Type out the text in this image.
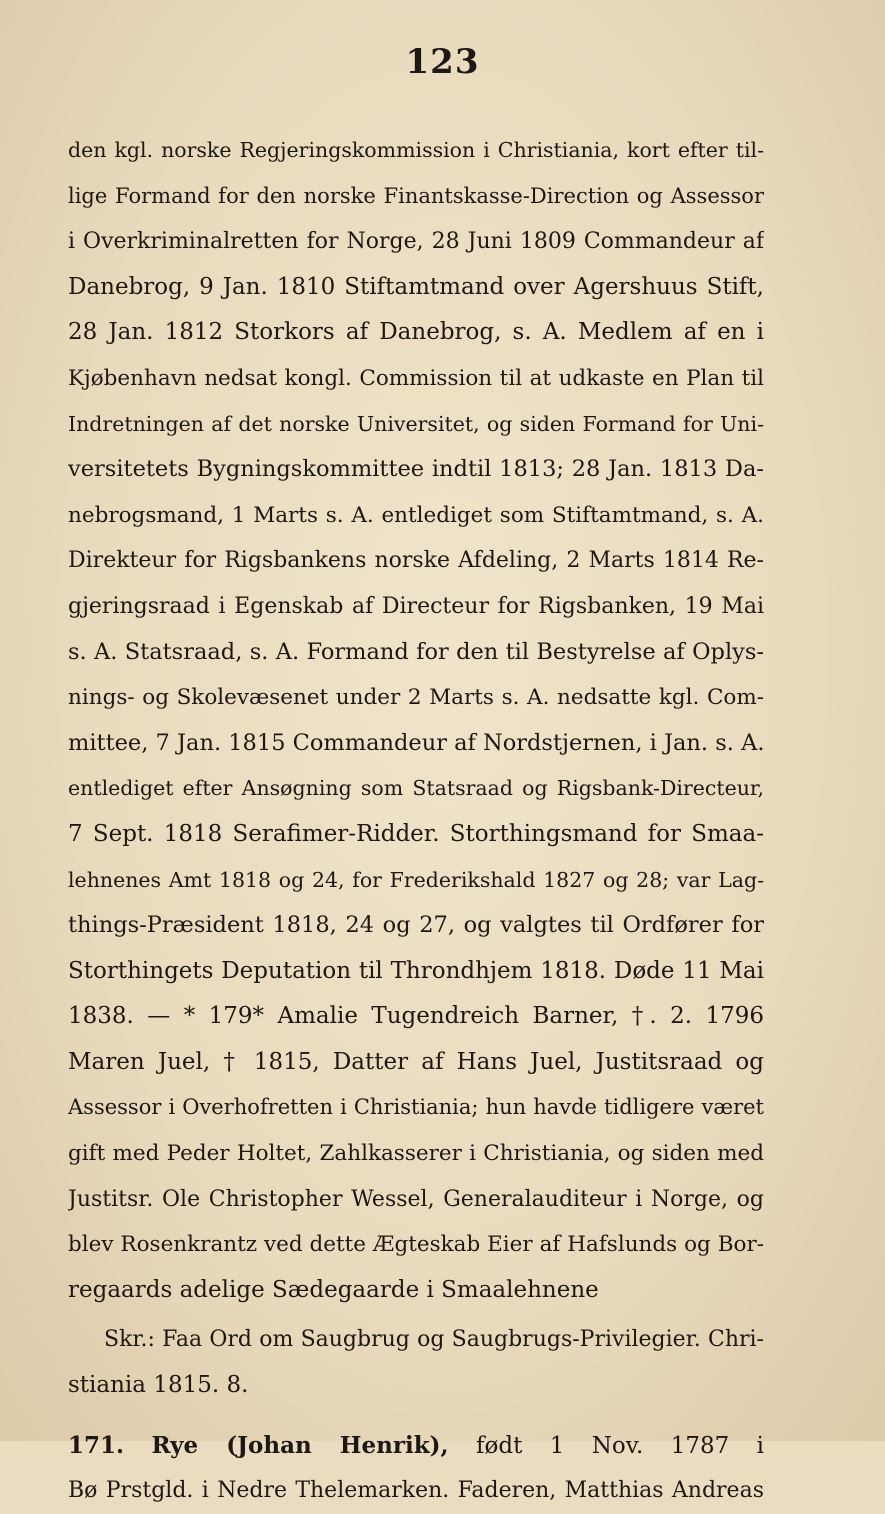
123
den kgl. norske Regjeringskommission i Christiania, kort efter til-
lige Formand for den norske Finantskasse-Direction og Assessor
i Overkriminalretten for Norge, 28 Juni 1809 Commandeur af
Danebrog, 9 Jan. 1810 Stiftamtmand over Agershuus Stift,
28 Jan. 1812 Storkors af Danebrog, s. A. Medlem af en i
Kjøbenhavn nedsat kongl. Commission til at udkaste en Plan til
Indretningen af det norske Universitet, og siden Formand for Uni-
versitetets Bygningskommittee indtil 1813; 28 Jan. 1813 Da-
nebrogsmand, 1 Marts s. A. entlediget som Stiftamtmand, s. A.
Direkteur for Rigsbankens norske Afdeling, 2 Marts 1814 Re-
gjeringsraad i Egenskab af Directeur for Rigsbanken, 19 Mai
s. A. Statsraad, s. A. Formand for den til Bestyrelse af Oplys-
nings- og Skolevæsenet under 2 Marts s. A. nedsatte kgl. Com-
mittee, 7 Jan. 1815 Commandeur af Nordstjernen, i Jan. s. A.
entlediget efter Ansøgning som Statsraad og Rigsbank-Directeur,
7 Sept. 1818 Serafimer-Ridder. Storthingsmand for Smaa-
lehnenes Amt 1818 og 24, for Frederikshald 1827 og 28; var Lag-
things-Præsident 1818, 24 og 27, og valgtes til Ordfører for
Storthingets Deputation til Throndhjem 1818. Døde 11 Mai
1838. — * 179* Amalie Tugendreich Barner, †. 2. 1796
Maren Juel, † 1815, Datter af Hans Juel, Justitsraad og
Assessor i Overhofretten i Christiania; hun havde tidligere været
gift med Peder Holtet, Zahlkasserer i Christiania, og siden med
Justitsr. Ole Christopher Wessel, Generalauditeur i Norge, og
blev Rosenkrantz ved dette Ægteskab Eier af Hafslunds og Bor-
regaards adelige Sædegaarde i Smaalehnene
Skr.: Faa Ord om Saugbrug og Saugbrugs-Privilegier. Chri-
stiania 1815. 8.
171. Rye (Johan Henrik), født 1 Nov. 1787 i
Bø Prstgld. i Nedre Thelemarken. Faderen, Matthias Andreas
